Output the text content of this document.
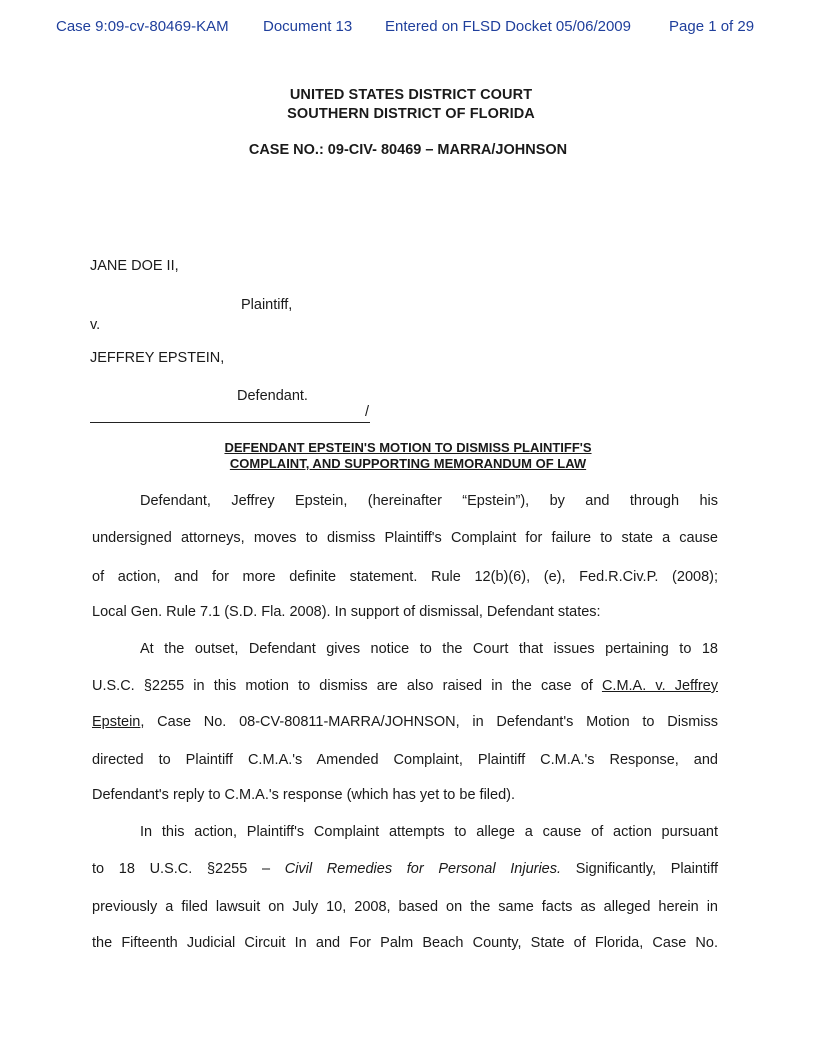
Case 9:09-cv-80469-KAM Document 13 Entered on FLSD Docket 05/06/2009	Page 1 of 29
UNITED STATES DISTRICT COURT
SOUTHERN DISTRICT OF FLORIDA
CASE NO.: 09-CIV- 80469 – MARRA/JOHNSON
JANE DOE II,
Plaintiff,
v.
JEFFREY EPSTEIN,
Defendant.
/
DEFENDANT EPSTEIN'S MOTION TO DISMISS PLAINTIFF'S
COMPLAINT, AND SUPPORTING MEMORANDUM OF LAW
Defendant, Jeffrey Epstein, (hereinafter “Epstein”), by and through his
undersigned attorneys, moves to dismiss Plaintiff's Complaint for failure to state a cause
of action, and for more definite statement. Rule 12(b)(6), (e), Fed.R.Civ.P. (2008);
Local Gen. Rule 7.1 (S.D. Fla. 2008). In support of dismissal, Defendant states:
At the outset, Defendant gives notice to the Court that issues pertaining to 18
U.S.C. §2255 in this motion to dismiss are also raised in the case of C.M.A. v. Jeffrey
Epstein, Case No. 08-CV-80811-MARRA/JOHNSON, in Defendant's Motion to Dismiss
directed to Plaintiff C.M.A.'s Amended Complaint, Plaintiff C.M.A.'s Response, and
Defendant's reply to C.M.A.'s response (which has yet to be filed).
In this action, Plaintiff's Complaint attempts to allege a cause of action pursuant
to 18 U.S.C. §2255 – Civil Remedies for Personal Injuries. Significantly, Plaintiff
previously a filed lawsuit on July 10, 2008, based on the same facts as alleged herein in
the Fifteenth Judicial Circuit In and For Palm Beach County, State of Florida, Case No.
